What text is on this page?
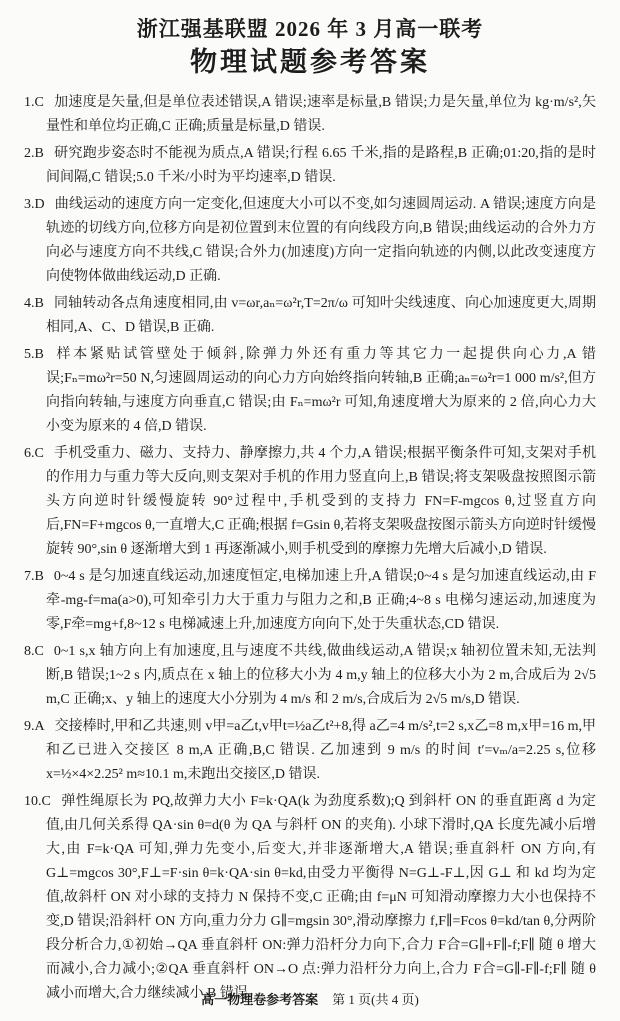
浙江强基联盟 2026 年 3 月高一联考
物理试题参考答案
1.C 加速度是矢量,但是单位表述错误,A 错误;速率是标量,B 错误;力是矢量,单位为 kg·m/s²,矢量性和单位均正确,C 正确;质量是标量,D 错误.
2.B 研究跑步姿态时不能视为质点,A 错误;行程 6.65 千米,指的是路程,B 正确;01:20,指的是时间间隔,C 错误;5.0 千米/小时为平均速率,D 错误.
3.D 曲线运动的速度方向一定变化,但速度大小可以不变,如匀速圆周运动. A 错误;速度方向是轨迹的切线方向,位移方向是初位置到末位置的有向线段方向,B 错误;曲线运动的合外力方向必与速度方向不共线,C 错误;合外力(加速度)方向一定指向轨迹的内侧,以此改变速度方向使物体做曲线运动,D 正确.
4.B 同轴转动各点角速度相同,由 v=ωr,aₙ=ω²r,T=2π/ω 可知叶尖线速度、向心加速度更大,周期相同,A、C、D 错误,B 正确.
5.B 样本紧贴试管壁处于倾斜,除弹力外还有重力等其它力一起提供向心力,A 错误;Fₙ=mω²r=50 N,匀速圆周运动的向心力方向始终指向转轴,B 正确;aₙ=ω²r=1 000 m/s²,但方向指向转轴,与速度方向垂直,C 错误;由 Fₙ=mω²r 可知,角速度增大为原来的 2 倍,向心力大小变为原来的 4 倍,D 错误.
6.C 手机受重力、磁力、支持力、静摩擦力,共 4 个力,A 错误;根据平衡条件可知,支架对手机的作用力与重力等大反向,则支架对手机的作用力竖直向上,B 错误;将支架吸盘按照图示箭头方向逆时针缓慢旋转 90°过程中,手机受到的支持力 FN=F-mgcos θ,过竖直方向后,FN=F+mgcos θ,一直增大,C 正确;根据 f=Gsin θ,若将支架吸盘按图示箭头方向逆时针缓慢旋转 90°,sin θ 逐渐增大到 1 再逐渐减小,则手机受到的摩擦力先增大后减小,D 错误.
7.B 0~4 s 是匀加速直线运动,加速度恒定,电梯加速上升,A 错误;0~4 s 是匀加速直线运动,由 F牵-mg-f=ma(a>0),可知牵引力大于重力与阻力之和,B 正确;4~8 s 电梯匀速运动,加速度为零,F牵=mg+f,8~12 s 电梯减速上升,加速度方向向下,处于失重状态,CD 错误.
8.C 0~1 s,x 轴方向上有加速度,且与速度不共线,做曲线运动,A 错误;x 轴初位置未知,无法判断,B 错误;1~2 s 内,质点在 x 轴上的位移大小为 4 m,y 轴上的位移大小为 2 m,合成后为 2√5 m,C 正确;x、y 轴上的速度大小分别为 4 m/s 和 2 m/s,合成后为 2√5 m/s,D 错误.
9.A 交接棒时,甲和乙共速,则 v甲=a乙t,v甲t=½a乙t²+8,得 a乙=4 m/s²,t=2 s,x乙=8 m,x甲=16 m,甲和乙已进入交接区 8 m,A 正确,B,C 错误. 乙加速到 9 m/s 的时间 t′=vₘ/a=2.25 s,位移 x=½×4×2.25² m≈10.1 m,未跑出交接区,D 错误.
10.C 弹性绳原长为 PQ,故弹力大小 F=k·QA(k 为劲度系数);Q 到斜杆 ON 的垂直距离 d 为定值,由几何关系得 QA·sin θ=d(θ 为 QA 与斜杆 ON 的夹角). 小球下滑时,QA 长度先减小后增大,由 F=k·QA 可知,弹力先变小,后变大,并非逐渐增大,A 错误;垂直斜杆 ON 方向,有 G⊥=mgcos 30°,F⊥=F·sin θ=k·QA·sin θ=kd,由受力平衡得 N=G⊥-F⊥,因 G⊥ 和 kd 均为定值,故斜杆 ON 对小球的支持力 N 保持不变,C 正确;由 f=μN 可知滑动摩擦力大小也保持不变,D 错误;沿斜杆 ON 方向,重力分力 G∥=mgsin 30°,滑动摩擦力 f,F∥=Fcos θ=kd/tan θ,分两阶段分析合力,①初始→QA 垂直斜杆 ON:弹力沿杆分力向下,合力 F合=G∥+F∥-f;F∥ 随 θ 增大而减小,合力减小;②QA 垂直斜杆 ON→O 点:弹力沿杆分力向上,合力 F合=G∥-F∥-f;F∥ 随 θ 减小而增大,合力继续减小,B 错误.
高一物理卷参考答案 第 1 页(共 4 页)
